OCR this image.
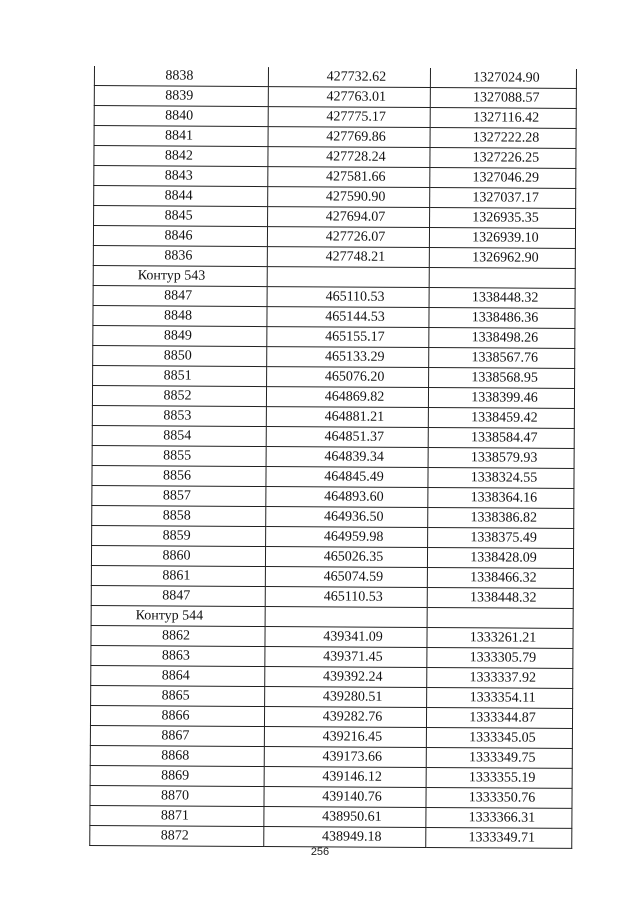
8838	427732.62	1327024.90
8839	427763.01	1327088.57
8840	427775.17	1327116.42
8841	427769.86	1327222.28
8842	427728.24	1327226.25
8843	427581.66	1327046.29
8844	427590.90	1327037.17
8845	427694.07	1326935.35
8846	427726.07	1326939.10
8836	427748.21	1326962.90
Контур 543		
8847	465110.53	1338448.32
8848	465144.53	1338486.36
8849	465155.17	1338498.26
8850	465133.29	1338567.76
8851	465076.20	1338568.95
8852	464869.82	1338399.46
8853	464881.21	1338459.42
8854	464851.37	1338584.47
8855	464839.34	1338579.93
8856	464845.49	1338324.55
8857	464893.60	1338364.16
8858	464936.50	1338386.82
8859	464959.98	1338375.49
8860	465026.35	1338428.09
8861	465074.59	1338466.32
8847	465110.53	1338448.32
Контур 544		
8862	439341.09	1333261.21
8863	439371.45	1333305.79
8864	439392.24	1333337.92
8865	439280.51	1333354.11
8866	439282.76	1333344.87
8867	439216.45	1333345.05
8868	439173.66	1333349.75
8869	439146.12	1333355.19
8870	439140.76	1333350.76
8871	438950.61	1333366.31
8872	438949.18	1333349.71
256
